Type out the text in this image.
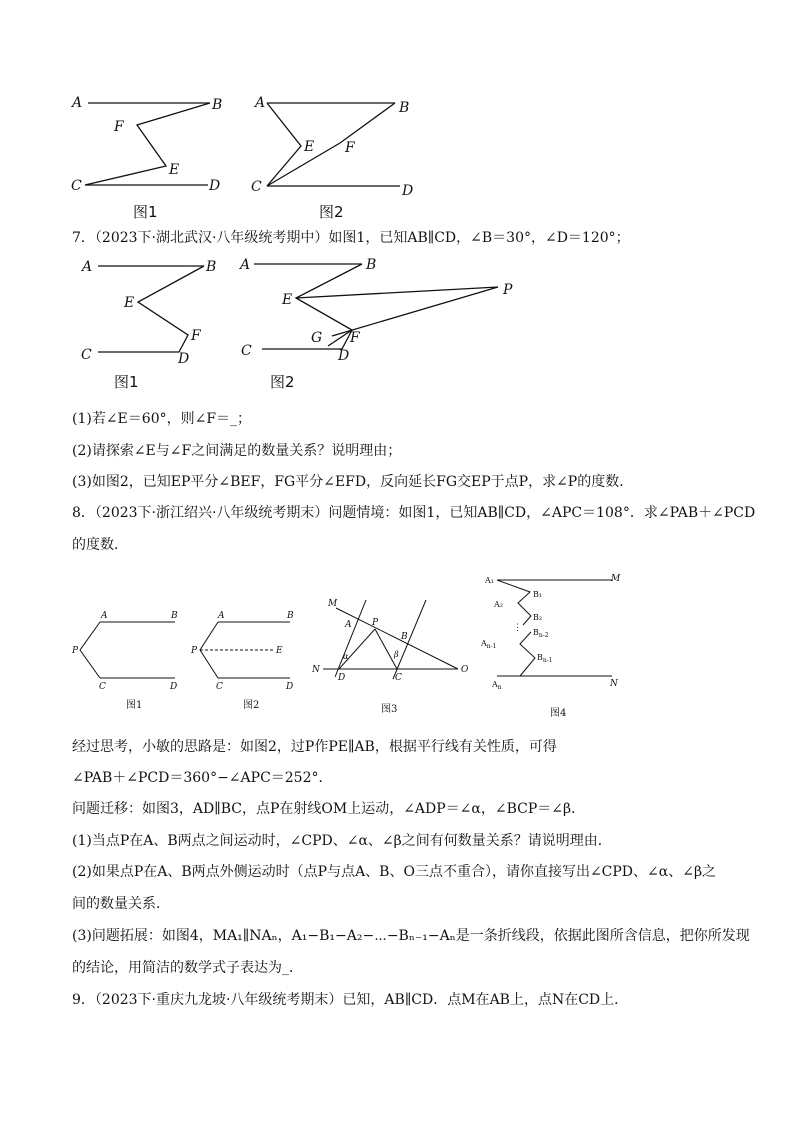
A	B
F
E
C	D
图1
A	B
E F
C	D
图2
7．（2023下·湖北武汉·八年级统考期中）如图1，已知AB∥CD，∠B＝30°，∠D＝120°；
A	B
E
F
C	D
图1
A	B
E
P
G F
C	D
图2
(1)若∠E＝60°，则∠F＝_；
(2)请探索∠E与∠F之间满足的数量关系？说明理由；
(3)如图2，已知EP平分∠BEF，FG平分∠EFD，反向延长FG交EP于点P，求∠P的度数．
8．（2023下·浙江绍兴·八年级统考期末）问题情境：如图1，已知AB∥CD，∠APC＝108°．求∠PAB＋∠PCD
的度数．
A	B
P
C	D
图1
A	B
P	E
C	D
图2
M
A P
B
α	β
N
D	C
O
图3
A₁	M
B₁
A₂
B₂
⋮ $B_{n-2}$
$A_{n-1}$
$B_{n-1}$
$A_n$	N
图4
经过思考，小敏的思路是：如图2，过P作PE∥AB，根据平行线有关性质，可得
∠PAB＋∠PCD＝360°−∠APC＝252°．
问题迁移：如图3，AD∥BC，点P在射线OM上运动，∠ADP＝∠α，∠BCP＝∠β．
(1)当点P在A、B两点之间运动时，∠CPD、∠α、∠β之间有何数量关系？请说明理由．
(2)如果点P在A、B两点外侧运动时（点P与点A、B、O三点不重合），请你直接写出∠CPD、∠α、∠β之
间的数量关系．
(3)问题拓展：如图4，MA₁∥NAₙ，A₁−B₁−A₂−⋯−Bₙ₋₁−Aₙ是一条折线段，依据此图所含信息，把你所发现
的结论，用简洁的数学式子表达为_．
9．（2023下·重庆九龙坡·八年级统考期末）已知，AB∥CD．点M在AB上，点N在CD上．
